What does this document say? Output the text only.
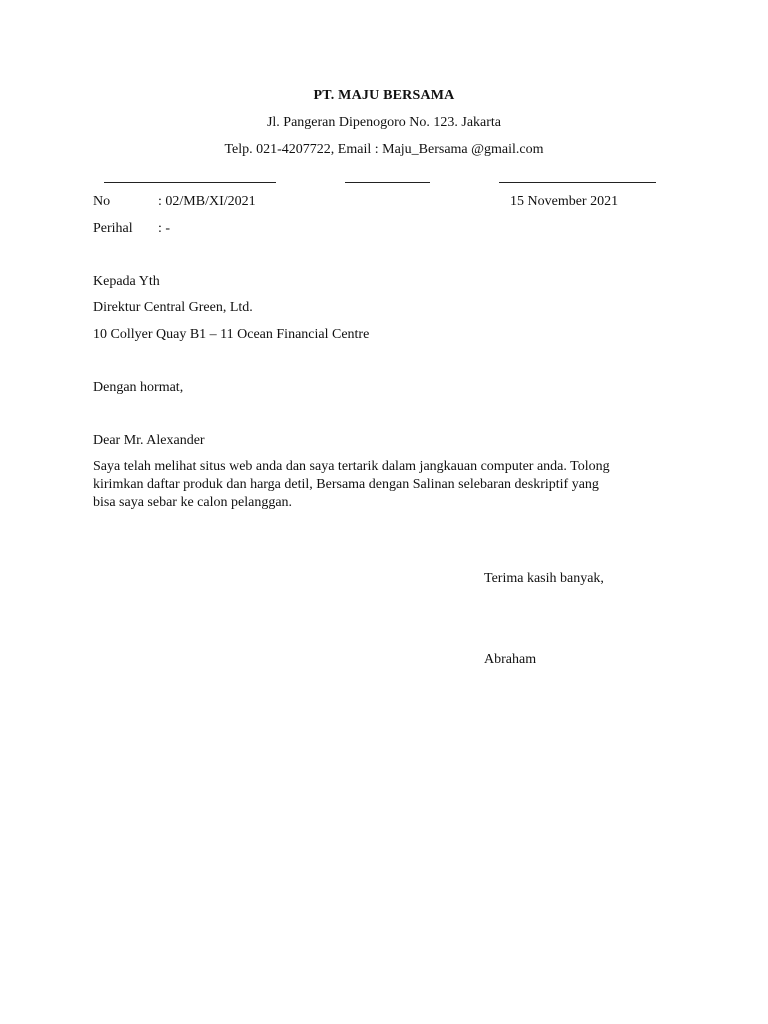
PT. MAJU BERSAMA
Jl. Pangeran Dipenogoro No. 123. Jakarta
Telp. 021-4207722, Email : Maju_Bersama @gmail.com
No	: 02/MB/XI/2021	15 November 2021
Perihal : -
Kepada Yth
Direktur Central Green, Ltd.
10 Collyer Quay B1 – 11 Ocean Financial Centre
Dengan hormat,
Dear Mr. Alexander
Saya telah melihat situs web anda dan saya tertarik dalam jangkauan computer anda. Tolong
kirimkan daftar produk dan harga detil, Bersama dengan Salinan selebaran deskriptif yang
bisa saya sebar ke calon pelanggan.
Terima kasih banyak,
Abraham
